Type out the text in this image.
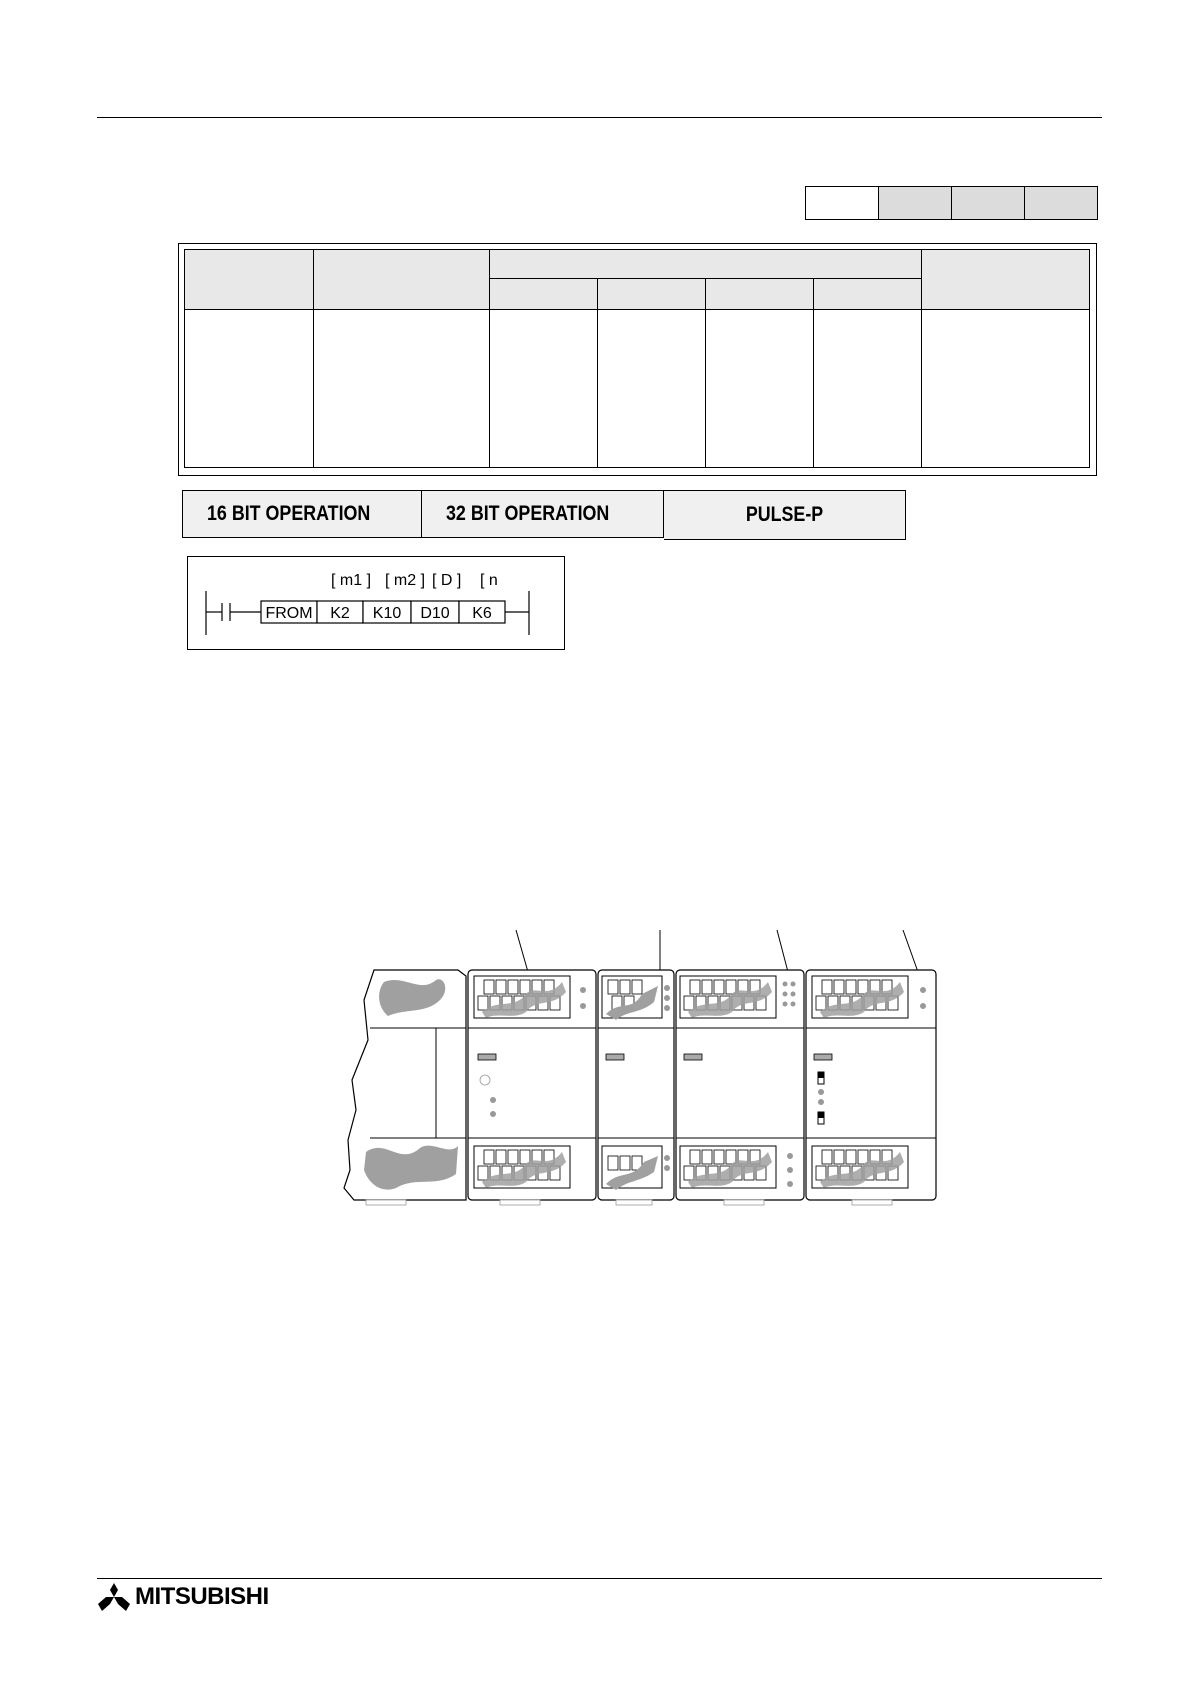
16 BIT OPERATION	32 BIT OPERATION	PULSE-P
[ m1 ] [ m2 ] [ D ] [ n
FROM K2 K10 D10 K6
MITSUBISHI
